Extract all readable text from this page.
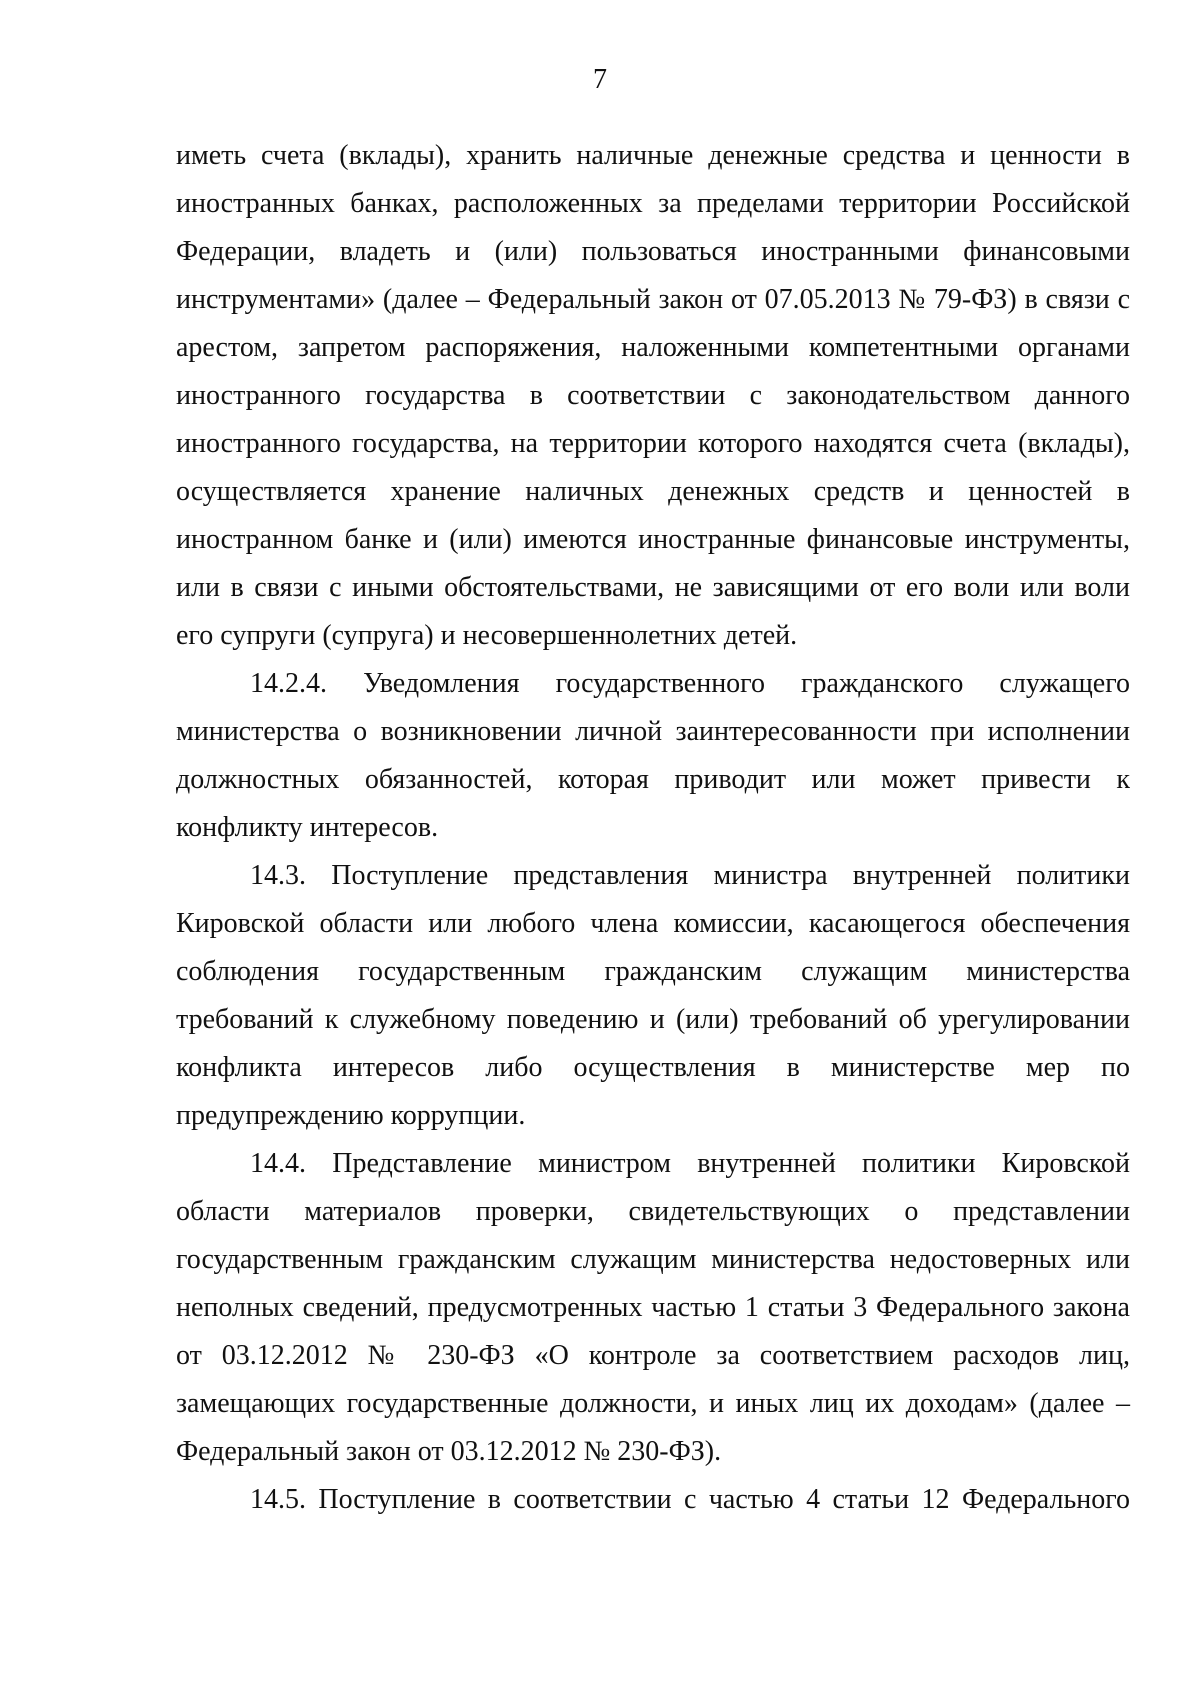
7

иметь счета (вклады), хранить наличные денежные средства и ценности в иностранных банках, расположенных за пределами территории Российской Федерации, владеть и (или) пользоваться иностранными финансовыми инструментами» (далее – Федеральный закон от 07.05.2013 № 79-ФЗ) в связи с арестом, запретом распоряжения, наложенными компетентными органами иностранного государства в соответствии с законодательством данного иностранного государства, на территории которого находятся счета (вклады), осуществляется хранение наличных денежных средств и ценностей в иностранном банке и (или) имеются иностранные финансовые инструменты, или в связи с иными обстоятельствами, не зависящими от его воли или воли его супруги (супруга) и несовершеннолетних детей.

14.2.4. Уведомления государственного гражданского служащего министерства о возникновении личной заинтересованности при исполнении должностных обязанностей, которая приводит или может привести к конфликту интересов.

14.3. Поступление представления министра внутренней политики Кировской области или любого члена комиссии, касающегося обеспечения соблюдения государственным гражданским служащим министерства требований к служебному поведению и (или) требований об урегулировании конфликта интересов либо осуществления в министерстве мер по предупреждению коррупции.

14.4. Представление министром внутренней политики Кировской области материалов проверки, свидетельствующих о представлении государственным гражданским служащим министерства недостоверных или неполных сведений, предусмотренных частью 1 статьи 3 Федерального закона от 03.12.2012 № 230-ФЗ «О контроле за соответствием расходов лиц, замещающих государственные должности, и иных лиц их доходам» (далее – Федеральный закон от 03.12.2012 № 230-ФЗ).

14.5. Поступление в соответствии с частью 4 статьи 12 Федерального
